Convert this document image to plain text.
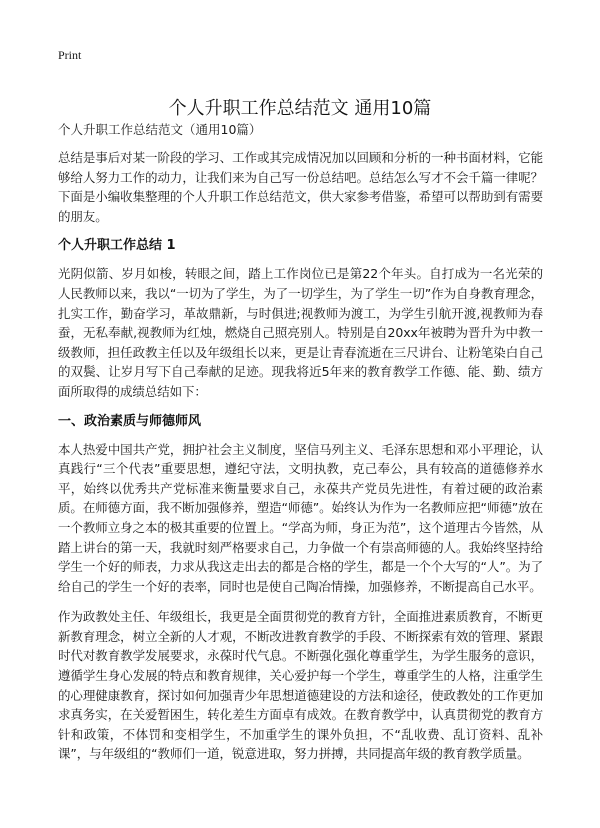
Print
个人升职工作总结范文 通用10篇
个人升职工作总结范文（通用10篇）

总结是事后对某一阶段的学习、工作或其完成情况加以回顾和分析的一种书面材料，它能够给人努力工作的动力，让我们来为自己写一份总结吧。总结怎么写才不会千篇一律呢？下面是小编收集整理的个人升职工作总结范文，供大家参考借鉴，希望可以帮助到有需要的朋友。

个人升职工作总结 1

光阴似箭、岁月如梭，转眼之间，踏上工作岗位已是第22个年头。自打成为一名光荣的人民教师以来，我以“一切为了学生，为了一切学生，为了学生一切”作为自身教育理念，扎实工作，勤奋学习，革故鼎新，与时俱进;视教师为渡工，为学生引航开渡,视教师为春蚕，无私奉献,视教师为红烛，燃烧自己照亮别人。特别是自20xx年被聘为晋升为中教一级教师，担任政教主任以及年级组长以来，更是让青春流逝在三尺讲台、让粉笔染白自己的双鬓、让岁月写下自己奉献的足迹。现我将近5年来的教育教学工作德、能、勤、绩方面所取得的成绩总结如下：

一、政治素质与师德师风

本人热爱中国共产党，拥护社会主义制度，坚信马列主义、毛泽东思想和邓小平理论，认真践行“三个代表”重要思想，遵纪守法，文明执教，克己奉公，具有较高的道德修养水平，始终以优秀共产党标准来衡量要求自己，永葆共产党员先进性，有着过硬的政治素质。在师德方面，我不断加强修养，塑造“师德”。始终认为作为一名教师应把“师德”放在一个教师立身之本的极其重要的位置上。“学高为师，身正为范”，这个道理古今皆然，从踏上讲台的第一天，我就时刻严格要求自己，力争做一个有崇高师德的人。我始终坚持给学生一个好的师表，力求从我这走出去的都是合格的学生，都是一个个大写的“人”。为了给自己的学生一个好的表率，同时也是使自己陶冶情操，加强修养，不断提高自己水平。

作为政教处主任、年级组长，我更是全面贯彻党的教育方针，全面推进素质教育，不断更新教育理念，树立全新的人才观，不断改进教育教学的手段、不断探索有效的管理、紧跟时代对教育教学发展要求，永葆时代气息。不断强化强化尊重学生，为学生服务的意识，遵循学生身心发展的特点和教育规律，关心爱护每一个学生，尊重学生的人格，注重学生的心理健康教育，探讨如何加强青少年思想道德建设的方法和途径，使政教处的工作更加求真务实，在关爱暂困生，转化差生方面卓有成效。在教育教学中，认真贯彻党的教育方针和政策，不体罚和变相学生，不加重学生的课外负担，不“乱收费、乱订资料、乱补课”，与年级组的“教师们一道，锐意进取，努力拼搏，共同提高年级的教育教学质量。
